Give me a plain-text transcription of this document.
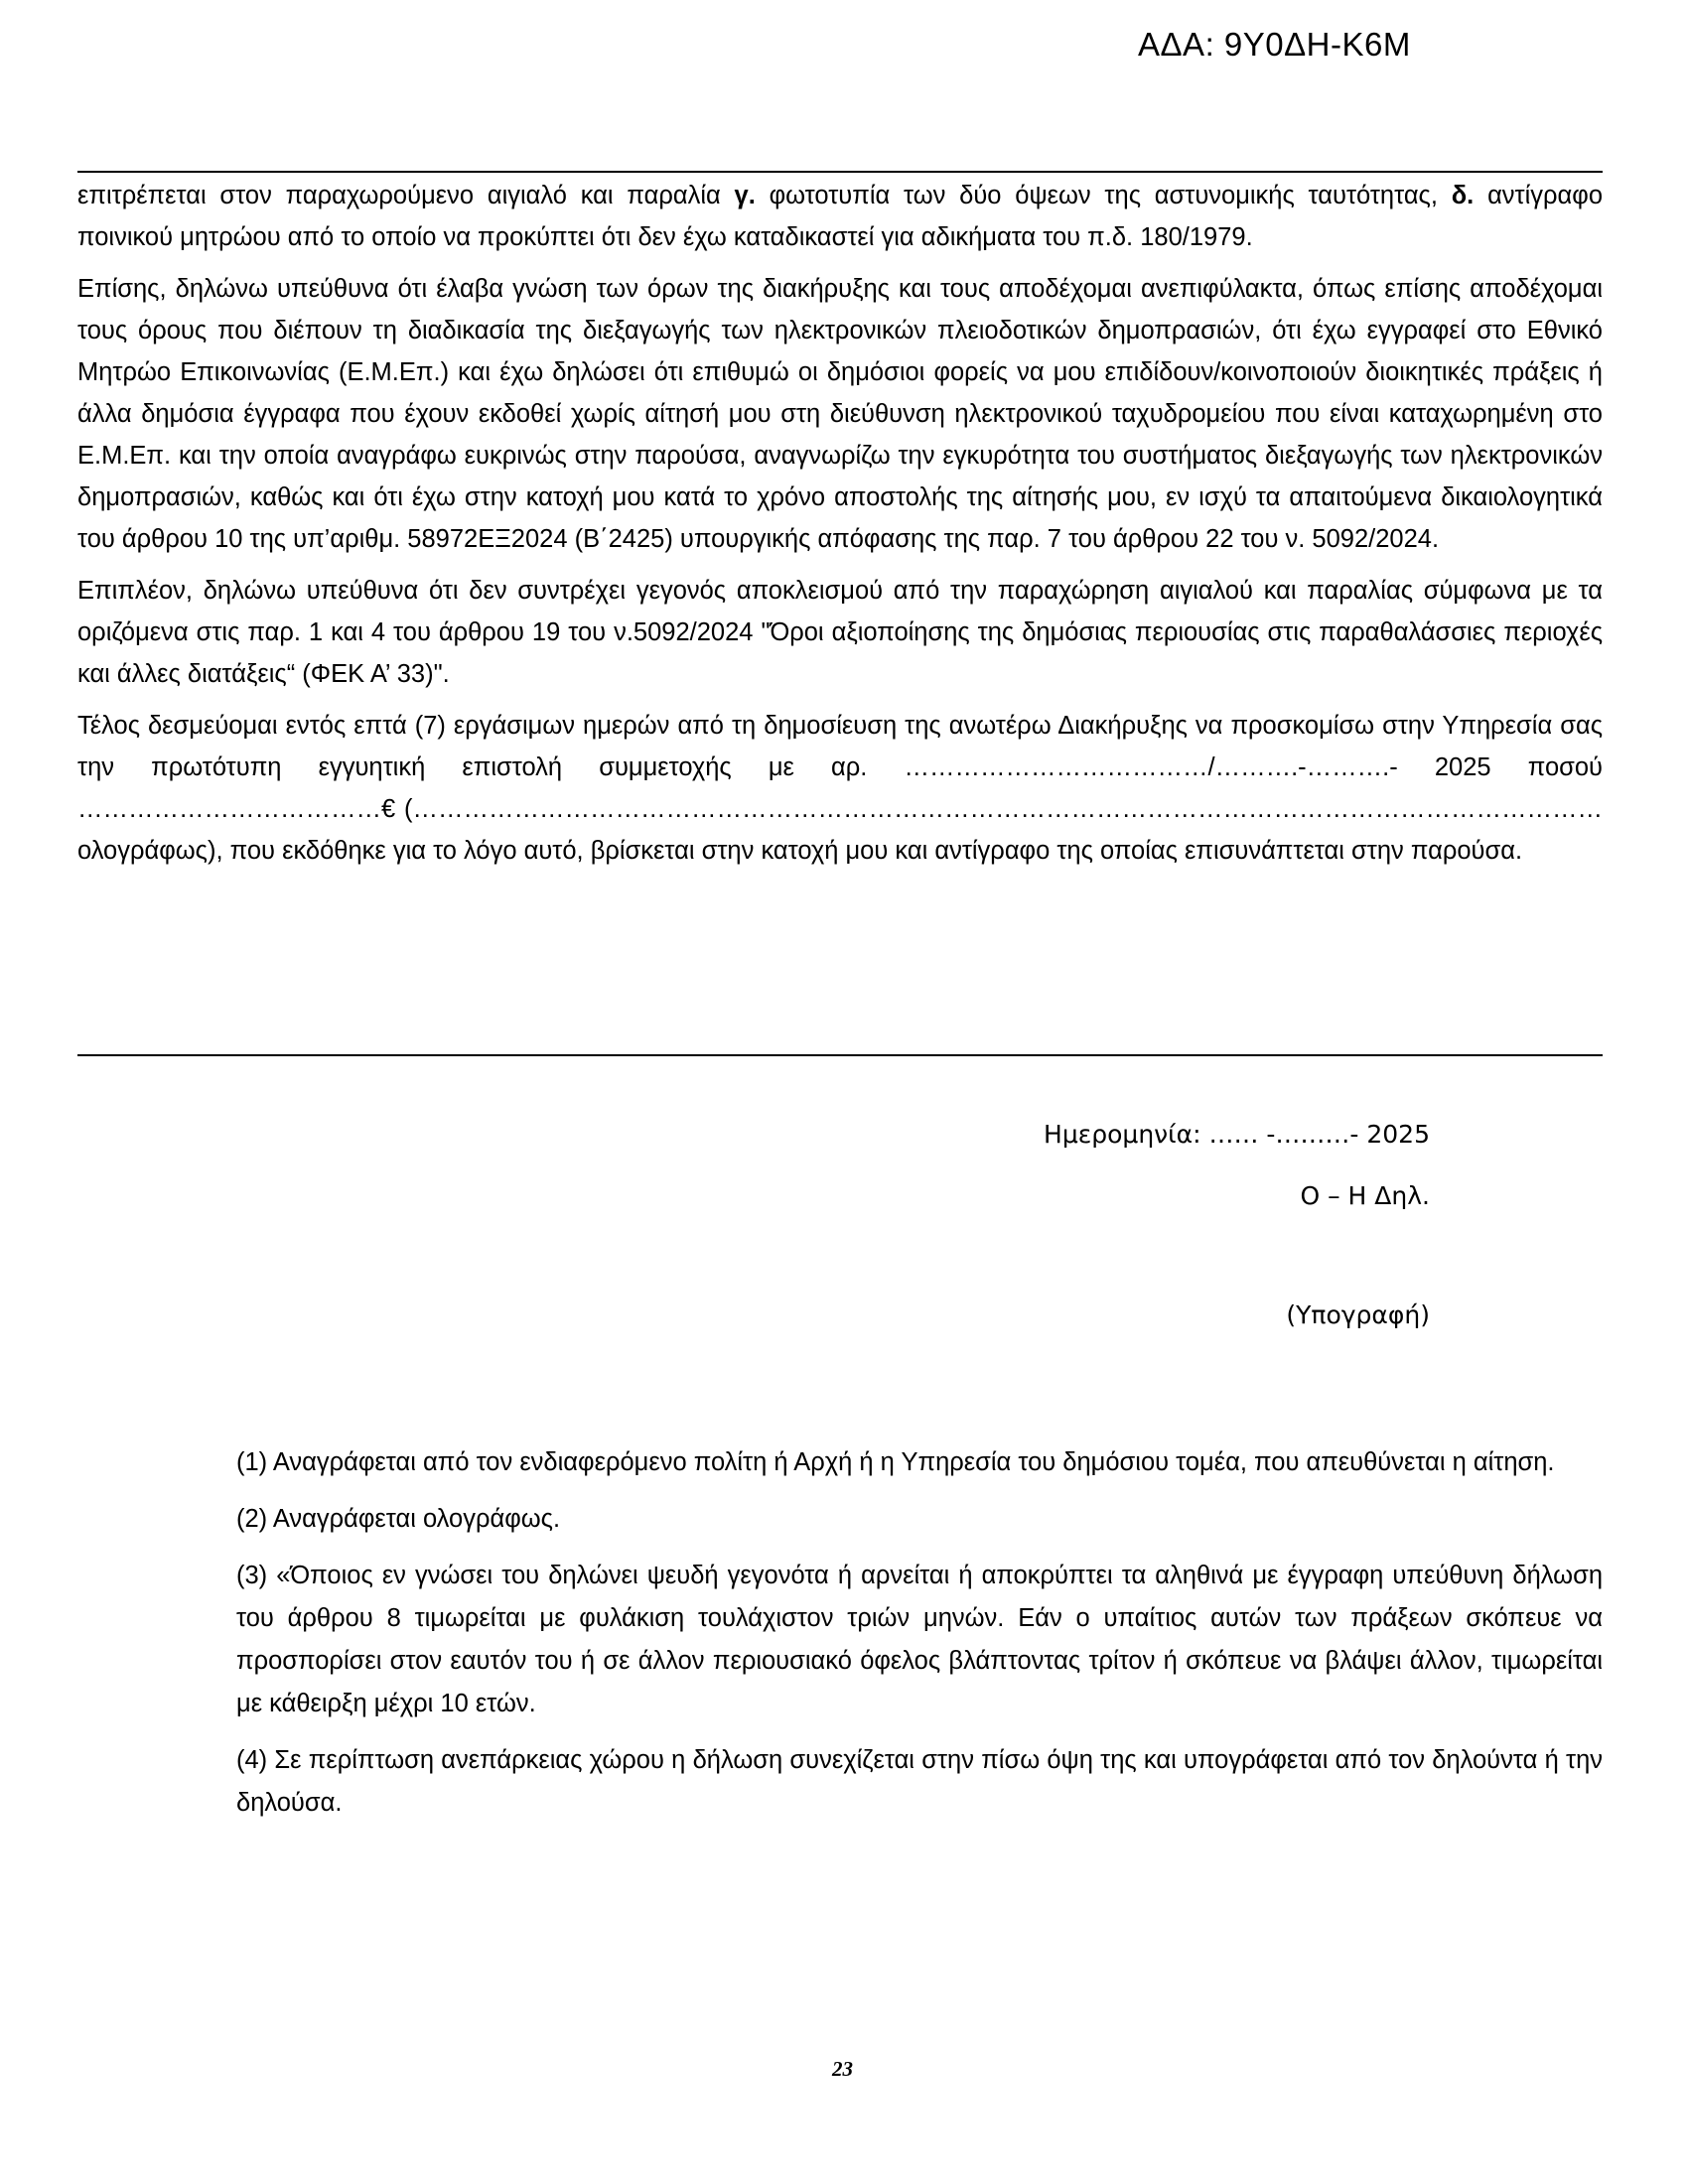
ΑΔΑ: 9Υ0ΔΗ-Κ6Μ

επιτρέπεται στον παραχωρούμενο αιγιαλό και παραλία γ. φωτοτυπία των δύο όψεων της αστυνομικής ταυτότητας, δ. αντίγραφο ποινικού μητρώου από το οποίο να προκύπτει ότι δεν έχω καταδικαστεί για αδικήματα του π.δ. 180/1979.

Επίσης, δηλώνω υπεύθυνα ότι έλαβα γνώση των όρων της διακήρυξης και τους αποδέχομαι ανεπιφύλακτα, όπως επίσης αποδέχομαι τους όρους που διέπουν τη διαδικασία της διεξαγωγής των ηλεκτρονικών πλειοδοτικών δημοπρασιών, ότι έχω εγγραφεί στο Εθνικό Μητρώο Επικοινωνίας (Ε.Μ.Επ.) και έχω δηλώσει ότι επιθυμώ οι δημόσιοι φορείς να μου επιδίδουν/κοινοποιούν διοικητικές πράξεις ή άλλα δημόσια έγγραφα που έχουν εκδοθεί χωρίς αίτησή μου στη διεύθυνση ηλεκτρονικού ταχυδρομείου που είναι καταχωρημένη στο Ε.Μ.Επ. και την οποία αναγράφω ευκρινώς στην παρούσα, αναγνωρίζω την εγκυρότητα του συστήματος διεξαγωγής των ηλεκτρονικών δημοπρασιών, καθώς και ότι έχω στην κατοχή μου κατά το χρόνο αποστολής της αίτησής μου, εν ισχύ τα απαιτούμενα δικαιολογητικά του άρθρου 10 της υπ’αριθμ. 58972ΕΞ2024 (Β΄2425) υπουργικής απόφασης της παρ. 7 του άρθρου 22 του ν. 5092/2024.

Επιπλέον, δηλώνω υπεύθυνα ότι δεν συντρέχει γεγονός αποκλεισμού από την παραχώρηση αιγιαλού και παραλίας σύμφωνα με τα οριζόμενα στις παρ. 1 και 4 του άρθρου 19 του ν.5092/2024 "Όροι αξιοποίησης της δημόσιας περιουσίας στις παραθαλάσσιες περιοχές και άλλες διατάξεις“ (ΦΕΚ Α’ 33)".

Τέλος δεσμεύομαι εντός επτά (7) εργάσιμων ημερών από τη δημοσίευση της ανωτέρω Διακήρυξης να προσκομίσω στην Υπηρεσία σας την πρωτότυπη εγγυητική επιστολή συμμετοχής με αρ. ………………………………/……….-……….- 2025 ποσού ………………………………€ (…………………………………………………………………………………………………………………………… ολογράφως), που εκδόθηκε για το λόγο αυτό, βρίσκεται στην κατοχή μου και αντίγραφο της οποίας επισυνάπτεται στην παρούσα.

Ημερομηνία: …… -………- 2025
Ο – Η Δηλ.
(Υπογραφή)

(1) Αναγράφεται από τον ενδιαφερόμενο πολίτη ή Αρχή ή η Υπηρεσία του δημόσιου τομέα, που απευθύνεται η αίτηση.

(2) Αναγράφεται ολογράφως.

(3) «Όποιος εν γνώσει του δηλώνει ψευδή γεγονότα ή αρνείται ή αποκρύπτει τα αληθινά με έγγραφη υπεύθυνη δήλωση του άρθρου 8 τιμωρείται με φυλάκιση τουλάχιστον τριών μηνών. Εάν ο υπαίτιος αυτών των πράξεων σκόπευε να προσπορίσει στον εαυτόν του ή σε άλλον περιουσιακό όφελος βλάπτοντας τρίτον ή σκόπευε να βλάψει άλλον, τιμωρείται με κάθειρξη μέχρι 10 ετών.

(4) Σε περίπτωση ανεπάρκειας χώρου η δήλωση συνεχίζεται στην πίσω όψη της και υπογράφεται από τον δηλούντα ή την δηλούσα.

23
